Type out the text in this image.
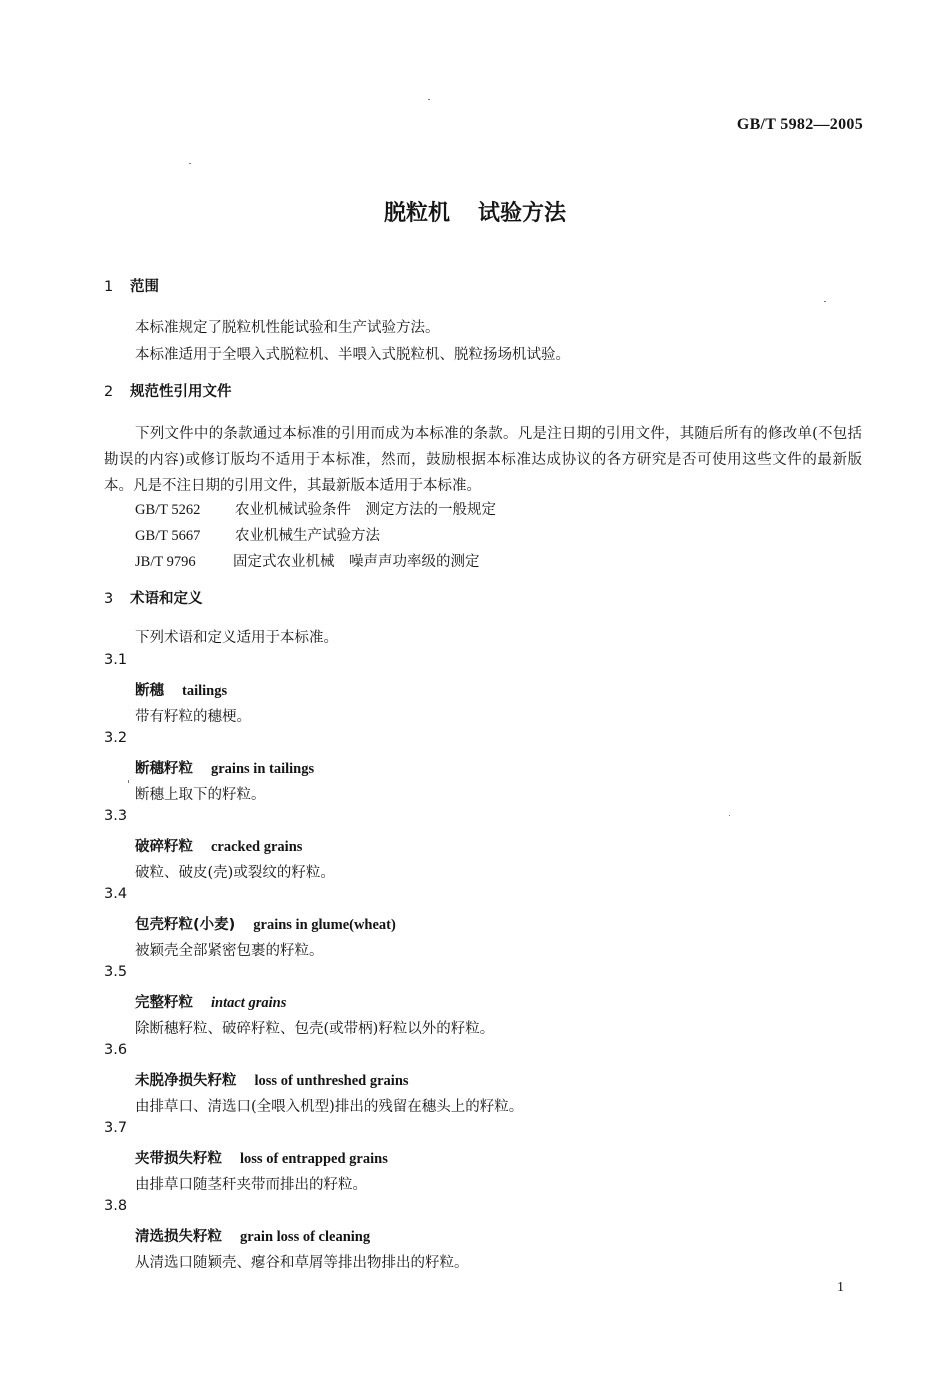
GB/T 5982—2005
脱粒机 试验方法
1 范围
本标准规定了脱粒机性能试验和生产试验方法。
本标准适用于全喂入式脱粒机、半喂入式脱粒机、脱粒扬场机试验。
2 规范性引用文件
下列文件中的条款通过本标准的引用而成为本标准的条款。凡是注日期的引用文件，其随后所有的修改单(不包括勘误的内容)或修订版均不适用于本标准，然而，鼓励根据本标准达成协议的各方研究是否可使用这些文件的最新版本。凡是不注日期的引用文件，其最新版本适用于本标准。
GB/T 5262 农业机械试验条件　测定方法的一般规定
GB/T 5667 农业机械生产试验方法
JB/T 9796	固定式农业机械　噪声声功率级的测定
3 术语和定义
下列术语和定义适用于本标准。
3.1
断穗 tailings
带有籽粒的穗梗。
3.2
断穗籽粒 grains in tailings
断穗上取下的籽粒。
3.3
破碎籽粒 cracked grains
破粒、破皮(壳)或裂纹的籽粒。
3.4
包壳籽粒(小麦) grains in glume(wheat)
被颖壳全部紧密包裹的籽粒。
3.5
完整籽粒 intact grains
除断穗籽粒、破碎籽粒、包壳(或带柄)籽粒以外的籽粒。
3.6
未脱净损失籽粒 loss of unthreshed grains
由排草口、清选口(全喂入机型)排出的残留在穗头上的籽粒。
3.7
夹带损失籽粒 loss of entrapped grains
由排草口随茎秆夹带而排出的籽粒。
3.8
清选损失籽粒 grain loss of cleaning
从清选口随颖壳、瘪谷和草屑等排出物排出的籽粒。
1
